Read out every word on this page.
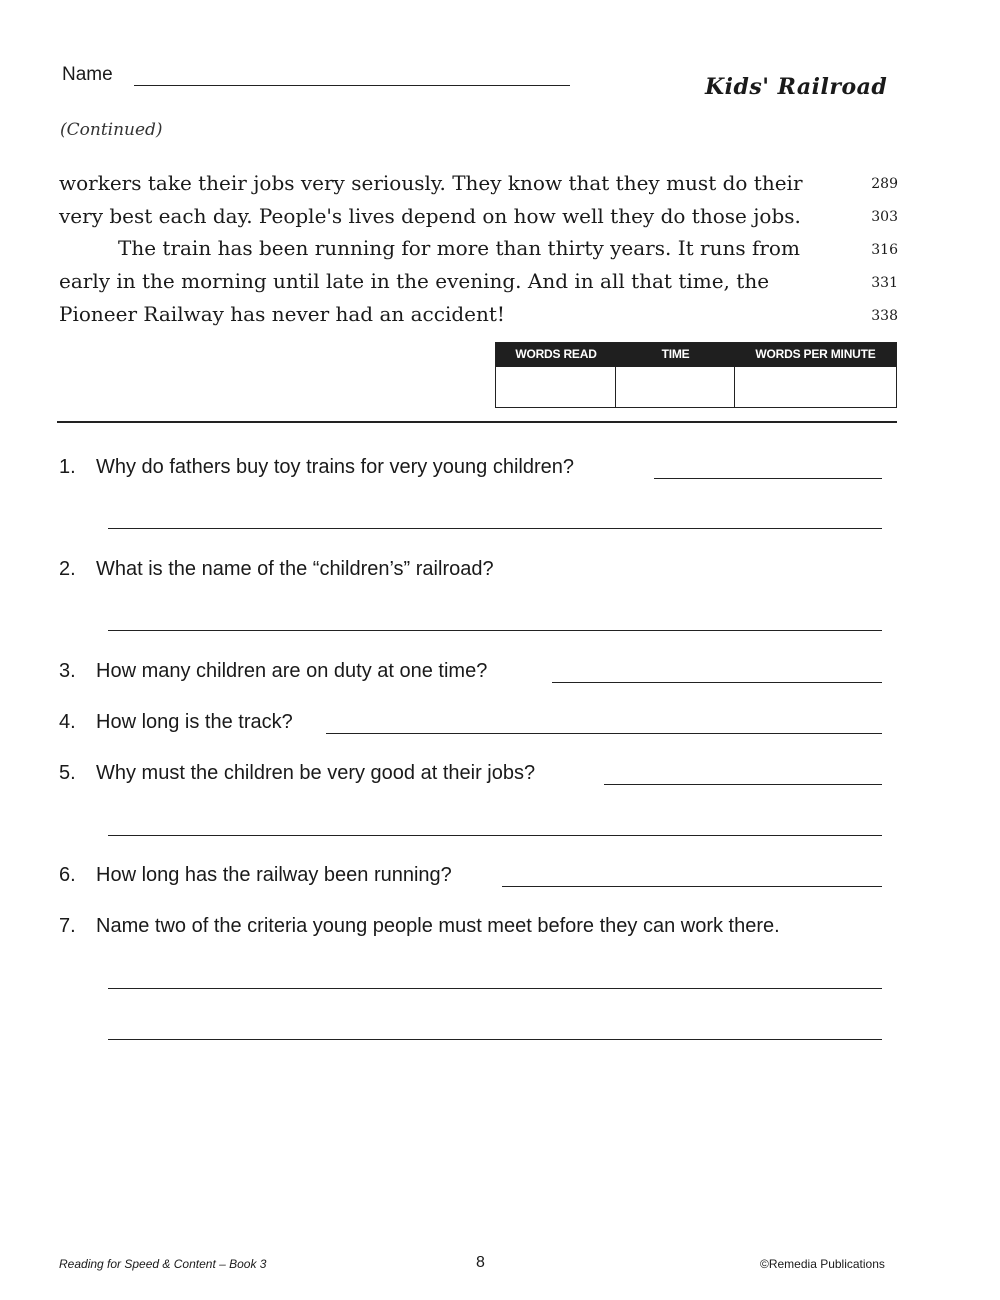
Name	Kids' Railroad
(Continued)
workers take their jobs very seriously. They know that they must do their	289
very best each day. People's lives depend on how well they do those jobs.	303
The train has been running for more than thirty years. It runs from	316
early in the morning until late in the evening. And in all that time, the	331
Pioneer Railway has never had an accident!	338
WORDS READ	TIME	WORDS PER MINUTE
1. Why do fathers buy toy trains for very young children?
2. What is the name of the “children’s” railroad?
3. How many children are on duty at one time?
4. How long is the track?
5. Why must the children be very good at their jobs?
6. How long has the railway been running?
7. Name two of the criteria young people must meet before they can work there.
Reading for Speed & Content – Book 3	8	©Remedia Publications
